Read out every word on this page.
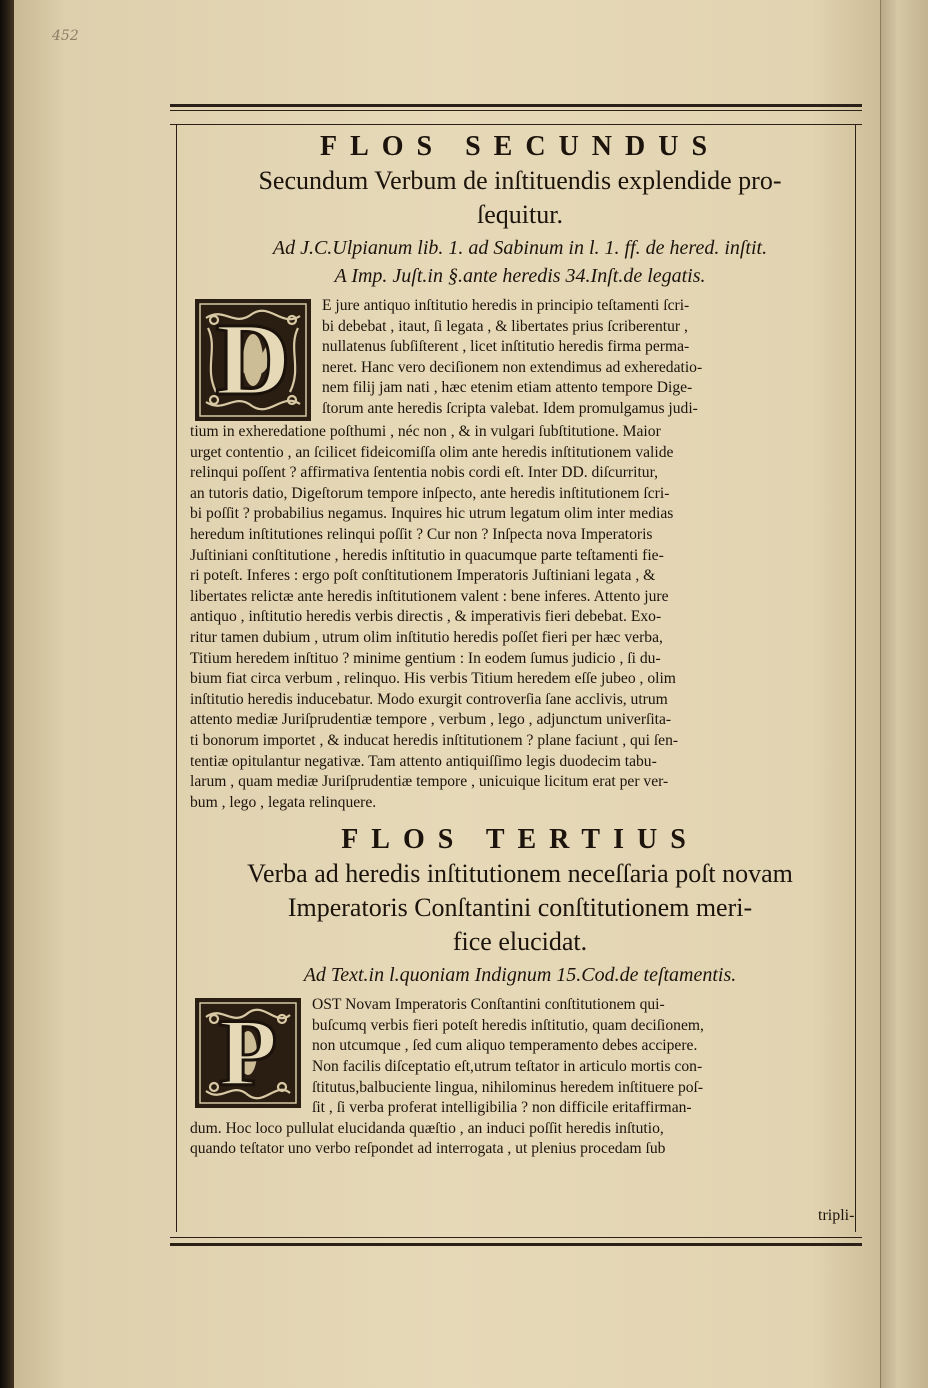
452
FLOS SECUNDUS
Secundum Verbum de inſtituendis explendide pro-
ſequitur.
Ad J.C.Ulpianum lib. 1. ad Sabinum in l. 1. ff. de hered. inſtit.
A Imp. Juſt.in §.ante heredis 34.Inſt.de legatis.
D	E jure antiquo inſtitutio heredis in principio teſtamenti ſcri-
bi debebat , itaut, ſi legata , & libertates prius ſcriberentur ,
nullatenus ſubſiſterent , licet inſtitutio heredis firma perma-
neret. Hanc vero deciſionem non extendimus ad exheredatio-
nem filij jam nati , hæc etenim etiam attento tempore Dige-
ſtorum ante heredis ſcripta valebat. Idem promulgamus judi-
tium in exheredatione poſthumi , néc non , & in vulgari ſubſtitutione. Maior
urget contentio , an ſcilicet fideicomiſſa olim ante heredis inſtitutionem valide
relinqui poſſent ? affirmativa ſententia nobis cordi eſt. Inter DD. diſcurritur,
an tutoris datio, Digeſtorum tempore inſpecto, ante heredis inſtitutionem ſcri-
bi poſſit ? probabilius negamus. Inquires hic utrum legatum olim inter medias
heredum inſtitutiones relinqui poſſit ? Cur non ? Inſpecta nova Imperatoris
Juſtiniani conſtitutione , heredis inſtitutio in quacumque parte teſtamenti fie-
ri poteſt. Inferes : ergo poſt conſtitutionem Imperatoris Juſtiniani legata , &
libertates relictæ ante heredis inſtitutionem valent : bene inferes. Attento jure
antiquo , inſtitutio heredis verbis directis , & imperativis fieri debebat. Exo-
ritur tamen dubium , utrum olim inſtitutio heredis poſſet fieri per hæc verba,
Titium heredem inſtituo ? minime gentium : In eodem ſumus judicio , ſi du-
bium fiat circa verbum , relinquo. His verbis Titium heredem eſſe jubeo , olim
inſtitutio heredis inducebatur. Modo exurgit controverſia ſane acclivis, utrum
attento mediæ Juriſprudentiæ tempore , verbum , lego , adjunctum univerſita-
ti bonorum importet , & inducat heredis inſtitutionem ? plane faciunt , qui ſen-
tentiæ opitulantur negativæ. Tam attento antiquiſſimo legis duodecim tabu-
larum , quam mediæ Juriſprudentiæ tempore , unicuique licitum erat per ver-
bum , lego , legata relinquere.
FLOS TERTIUS
Verba ad heredis inſtitutionem neceſſaria poſt novam
Imperatoris Conſtantini conſtitutionem meri-
fice elucidat.
Ad Text.in l.quoniam Indignum 15.Cod.de teſtamentis.
P	OST Novam Imperatoris Conſtantini conſtitutionem qui-
buſcumq verbis fieri poteſt heredis inſtitutio, quam deciſionem,
non utcumque , ſed cum aliquo temperamento debes accipere.
Non facilis diſceptatio eſt,utrum teſtator in articulo mortis con-
ſtitutus,balbuciente lingua, nihilominus heredem inſtituere poſ-
ſit , ſi verba proferat intelligibilia ? non difficile eritaffirman-
dum. Hoc loco pullulat elucidanda quæſtio , an induci poſſit heredis inſtutio,
quando teſtator uno verbo reſpondet ad interrogata , ut plenius procedam ſub
tripli-
